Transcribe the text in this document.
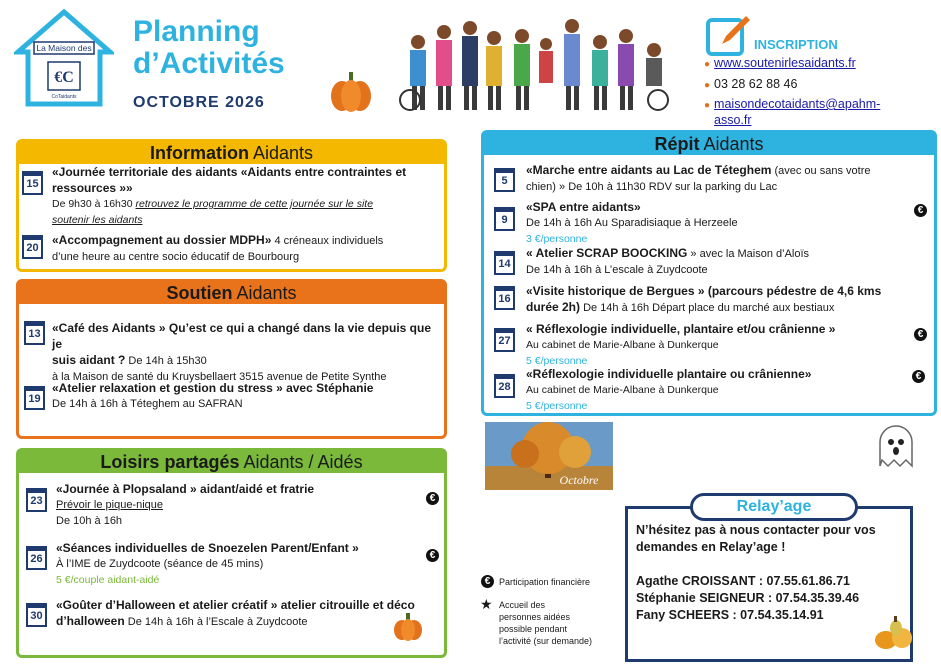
La Maison des
€C
CoTaidants
Planning
d’Activités
OCTOBRE 2026
INSCRIPTION
● www.soutenirlesaidants.fr
● 03 28 62 88 46
● maisondecotaidants@apahm-
asso.fr
Information Aidants
15
«Journée territoriale des aidants «Aidants entre contraintes et
ressources »»
De 9h30 à 16h30 retrouvez le programme de cette journée sur le site
soutenir les aidants
20
«Accompagnement au dossier MDPH» 4 créneaux individuels
d’une heure au centre socio éducatif de Bourbourg
Soutien Aidants
13 «Café des Aidants » Qu’est ce qui a changé dans la vie depuis que je
suis aidant ? De 14h à 15h30
à la Maison de santé du Kruysbellaert 3515 avenue de Petite Synthe
19
«Atelier relaxation et gestion du stress » avec Stéphanie
De 14h à 16h à Téteghem au SAFRAN
Loisirs partagés Aidants / Aidés
23
«Journée à Plopsaland » aidant/aidé et fratrie
Prévoir le pique-nique
De 10h à 16h
€
26
«Séances individuelles de Snoezelen Parent/Enfant »
À l’IME de Zuydcoote (séance de 45 mins)
5 €/couple aidant-aidé
€
30
«Goûter d’Halloween et atelier créatif » atelier citrouille et déco
d’halloween De 14h à 16h à l’Escale à Zuydcoote
Répit Aidants
5
«Marche entre aidants au Lac de Téteghem (avec ou sans votre
chien) » De 10h à 11h30 RDV sur la parking du Lac
9
«SPA entre aidants»
De 14h à 16h Au Sparadisiaque à Herzeele
3 €/personne
€
14
« Atelier SCRAP BOOCKING » avec la Maison d’Aloïs
De 14h à 16h à L’escale à Zuydcoote
16
«Visite historique de Bergues » (parcours pédestre de 4,6 kms
durée 2h) De 14h à 16h Départ place du marché aux bestiaux
27
« Réflexologie individuelle, plantaire et/ou crânienne »
Au cabinet de Marie-Albane à Dunkerque
5 €/personne
€
28
«Réflexologie individuelle plantaire ou crânienne»
Au cabinet de Marie-Albane à Dunkerque
5 €/personne
€
Octobre
€ Participation financière
★ Accueil des
personnes aidées
possible pendant
l’activité (sur demande)
Relay’age
N’hésitez pas à nous contacter pour vos
demandes en Relay’age !
Agathe CROISSANT : 07.55.61.86.71
Stéphanie SEIGNEUR : 07.54.35.39.46
Fany SCHEERS : 07.54.35.14.91
